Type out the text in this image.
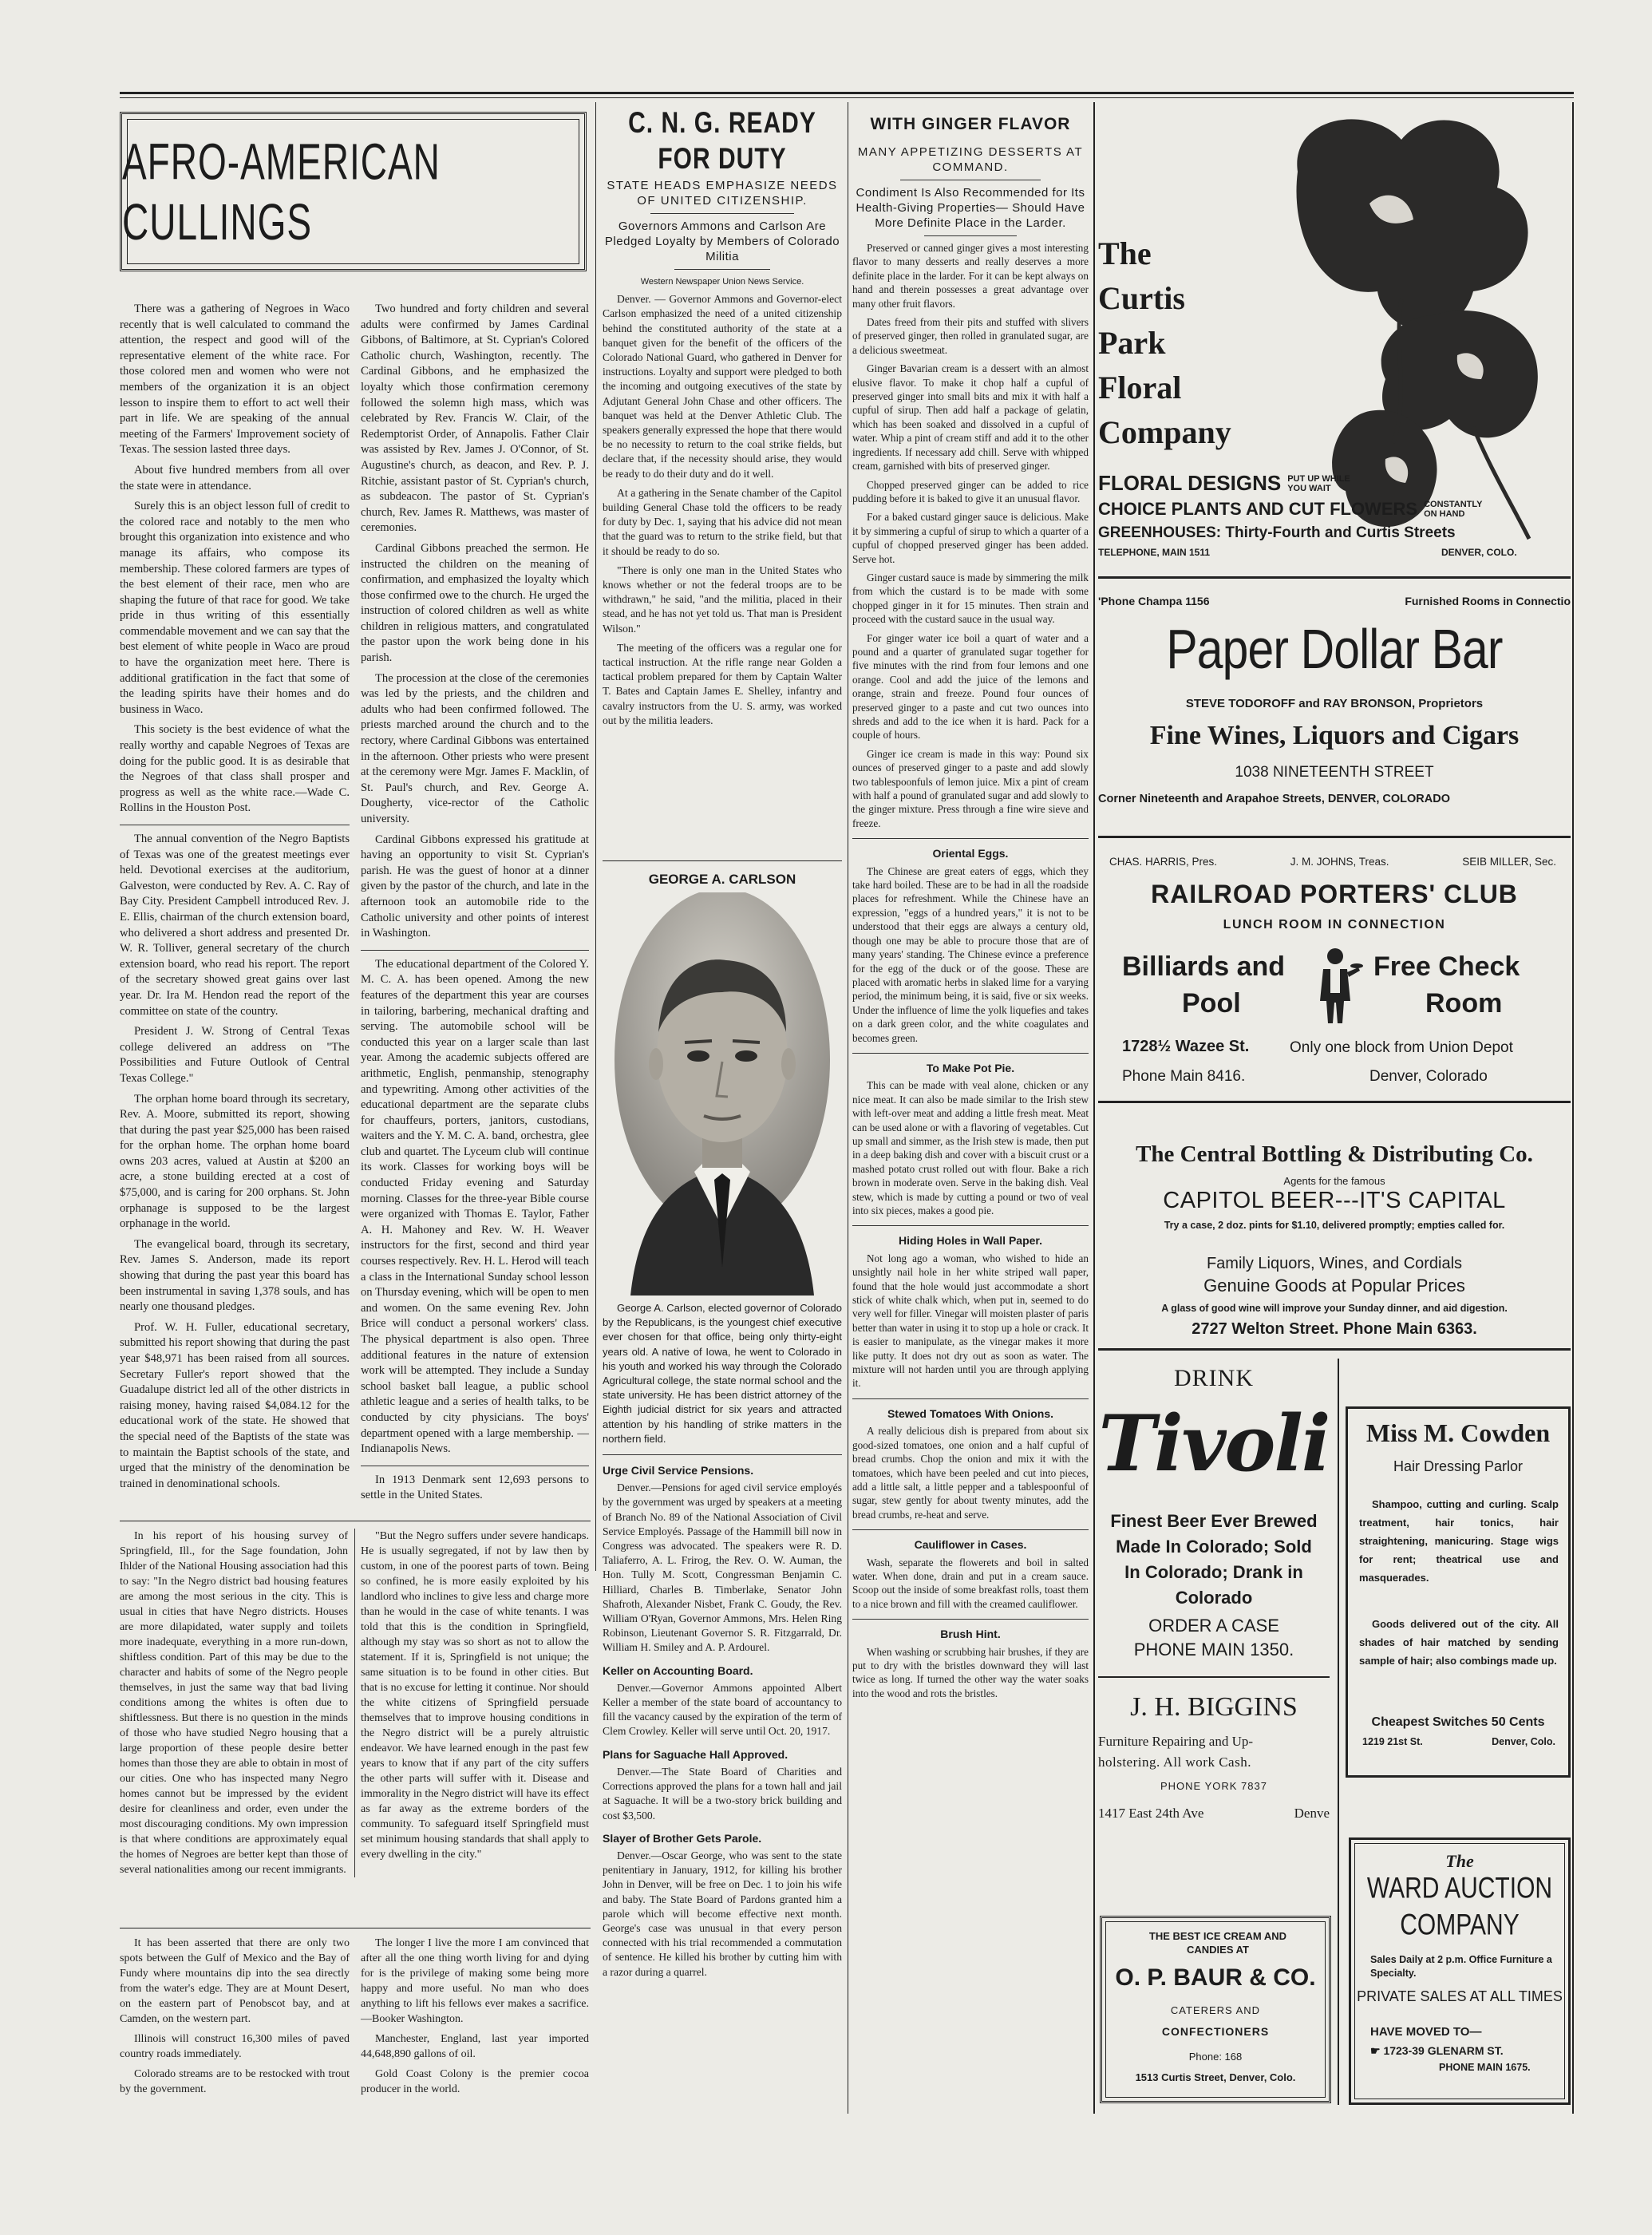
AFRO-AMERICAN CULLINGS

There was a gathering of Negroes in Waco recently that is well calculated to command the attention, the respect and good will of the representative element of the white race. For those colored men and women who were not members of the organization it is an object lesson to inspire them to effort to act well their part in life. We are speaking of the annual meeting of the Farmers' Improvement society of Texas. The session lasted three days.

About five hundred members from all over the state were in attendance.

Surely this is an object lesson full of credit to the colored race and notably to the men who brought this organization into existence and who manage its affairs, who compose its membership. These colored farmers are types of the best element of their race, men who are shaping the future of that race for good. We take pride in thus writing of this essentially commendable movement and we can say that the best element of white people in Waco are proud to have the organization meet here. There is additional gratification in the fact that some of the leading spirits have their homes and do business in Waco.

This society is the best evidence of what the really worthy and capable Negroes of Texas are doing for the public good. It is as desirable that the Negroes of that class shall prosper and progress as well as the white race.—Wade C. Rollins in the Houston Post.

The annual convention of the Negro Baptists of Texas was one of the greatest meetings ever held. Devotional exercises at the auditorium, Galveston, were conducted by Rev. A. C. Ray of Bay City. President Campbell introduced Rev. J. E. Ellis, chairman of the church extension board, who delivered a short address and presented Dr. W. R. Tolliver, general secretary of the church extension board, who read his report. The report of the secretary showed great gains over last year. Dr. Ira M. Hendon read the report of the committee on state of the country.

President J. W. Strong of Central Texas college delivered an address on "The Possibilities and Future Outlook of Central Texas College."

The orphan home board through its secretary, Rev. A. Moore, submitted its report, showing that during the past year $25,000 has been raised for the orphan home. The orphan home board owns 203 acres, valued at Austin at $200 an acre, a stone building erected at a cost of $75,000, and is caring for 200 orphans. St. John orphanage is supposed to be the largest orphanage in the world.

The evangelical board, through its secretary, Rev. James S. Anderson, made its report showing that during the past year this board has been instrumental in saving 1,378 souls, and has nearly one thousand pledges.

Prof. W. H. Fuller, educational secretary, submitted his report showing that during the past year $48,971 has been raised from all sources. Secretary Fuller's report showed that the Guadalupe district led all of the other districts in raising money, having raised $4,084.12 for the educational work of the state. He showed that the special need of the Baptists of the state was to maintain the Baptist schools of the state, and urged that the ministry of the denomination be trained in denominational schools.

Two hundred and forty children and several adults were confirmed by James Cardinal Gibbons, of Baltimore, at St. Cyprian's Colored Catholic church, Washington, recently. The Cardinal Gibbons, and he emphasized the loyalty which those confirmation ceremony followed the solemn high mass, which was celebrated by Rev. Francis W. Clair, of the Redemptorist Order, of Annapolis. Father Clair was assisted by Rev. James J. O'Connor, of St. Augustine's church, as deacon, and Rev. P. J. Ritchie, assistant pastor of St. Cyprian's church, as subdeacon. The pastor of St. Cyprian's church, Rev. James R. Matthews, was master of ceremonies.

Cardinal Gibbons preached the sermon. He instructed the children on the meaning of confirmation, and emphasized the loyalty which those confirmed owe to the church. He urged the instruction of colored children as well as white children in religious matters, and congratulated the pastor upon the work being done in his parish.

The procession at the close of the ceremonies was led by the priests, and the children and adults who had been confirmed followed. The priests marched around the church and to the rectory, where Cardinal Gibbons was entertained in the afternoon. Other priests who were present at the ceremony were Mgr. James F. Macklin, of St. Paul's church, and Rev. George A. Dougherty, vice-rector of the Catholic university.

Cardinal Gibbons expressed his gratitude at having an opportunity to visit St. Cyprian's parish. He was the guest of honor at a dinner given by the pastor of the church, and late in the afternoon took an automobile ride to the Catholic university and other points of interest in Washington.

The educational department of the Colored Y. M. C. A. has been opened. Among the new features of the department this year are courses in tailoring, barbering, mechanical drafting and serving. The automobile school will be conducted this year on a larger scale than last year. Among the academic subjects offered are arithmetic, English, penmanship, stenography and typewriting. Among other activities of the educational department are the separate clubs for chauffeurs, porters, janitors, custodians, waiters and the Y. M. C. A. band, orchestra, glee club and quartet. The Lyceum club will continue its work. Classes for working boys will be conducted Friday evening and Saturday morning. Classes for the three-year Bible course were organized with Thomas E. Taylor, Father A. H. Mahoney and Rev. W. H. Weaver instructors for the first, second and third year courses respectively. Rev. H. L. Herod will teach a class in the International Sunday school lesson on Thursday evening, which will be open to men and women. On the same evening Rev. John Brice will conduct a personal workers' class. The physical department is also open. Three additional features in the nature of extension work will be attempted. They include a Sunday school basket ball league, a public school athletic league and a series of health talks, to be conducted by city physicians. The boys' department opened with a large membership. — Indianapolis News.

In 1913 Denmark sent 12,693 persons to settle in the United States.

In his report of his housing survey of Springfield, Ill., for the Sage foundation, John Ihlder of the National Housing association had this to say: "In the Negro district bad housing features are among the most serious in the city. This is usual in cities that have Negro districts. Houses are more dilapidated, water supply and toilets more inadequate, everything in a more run-down, shiftless condition. Part of this may be due to the character and habits of some of the Negro people themselves, in just the same way that bad living conditions among the whites is often due to shiftlessness. But there is no question in the minds of those who have studied Negro housing that a large proportion of these people desire better homes than those they are able to obtain in most of our cities. One who has inspected many Negro homes cannot but be impressed by the evident desire for cleanliness and order, even under the most discouraging conditions. My own impression is that where conditions are approximately equal the homes of Negroes are better kept than those of several nationalities among our recent immigrants.

"But the Negro suffers under severe handicaps. He is usually segregated, if not by law then by custom, in one of the poorest parts of town. Being so confined, he is more easily exploited by his landlord who inclines to give less and charge more than he would in the case of white tenants. I was told that this is the condition in Springfield, although my stay was so short as not to allow the statement. If it is, Springfield is not unique; the same situation is to be found in other cities. But that is no excuse for letting it continue. Nor should the white citizens of Springfield persuade themselves that to improve housing conditions in the Negro district will be a purely altruistic endeavor. We have learned enough in the past few years to know that if any part of the city suffers the other parts will suffer with it. Disease and immorality in the Negro district will have its effect as far away as the extreme borders of the community. To safeguard itself Springfield must set minimum housing standards that shall apply to every dwelling in the city."

It has been asserted that there are only two spots between the Gulf of Mexico and the Bay of Fundy where mountains dip into the sea directly from the water's edge. They are at Mount Desert, on the eastern part of Penobscot bay, and at Camden, on the western part.

Illinois will construct 16,300 miles of paved country roads immediately.

Colorado streams are to be restocked with trout by the government.

The longer I live the more I am convinced that after all the one thing worth living for and dying for is the privilege of making some being more happy and more useful. No man who does anything to lift his fellows ever makes a sacrifice.—Booker Washington.

Manchester, England, last year imported 44,648,890 gallons of oil.

Gold Coast Colony is the premier cocoa producer in the world.

C. N. G. READY FOR DUTY
STATE HEADS EMPHASIZE NEEDS OF UNITED CITIZENSHIP.
Governors Ammons and Carlson Are Pledged Loyalty by Members of Colorado Militia
Western Newspaper Union News Service.

Denver. — Governor Ammons and Governor-elect Carlson emphasized the need of a united citizenship behind the constituted authority of the state at a banquet given for the benefit of the officers of the Colorado National Guard, who gathered in Denver for instructions. Loyalty and support were pledged to both the incoming and outgoing executives of the state by Adjutant General John Chase and other officers. The banquet was held at the Denver Athletic Club. The speakers generally expressed the hope that there would be no necessity to return to the coal strike fields, but declare that, if the necessity should arise, they would be ready to do their duty and do it well.

At a gathering in the Senate chamber of the Capitol building General Chase told the officers to be ready for duty by Dec. 1, saying that his advice did not mean that the guard was to return to the strike field, but that it should be ready to do so.

"There is only one man in the United States who knows whether or not the federal troops are to be withdrawn," he said, "and the militia, placed in their stead, and he has not yet told us. That man is President Wilson."

The meeting of the officers was a regular one for tactical instruction. At the rifle range near Golden a tactical problem prepared for them by Captain Walter T. Bates and Captain James E. Shelley, infantry and cavalry instructors from the U. S. army, was worked out by the militia leaders.

GEORGE A. CARLSON

George A. Carlson, elected governor of Colorado by the Republicans, is the youngest chief executive ever chosen for that office, being only thirty-eight years old. A native of Iowa, he went to Colorado in his youth and worked his way through the Colorado Agricultural college, the state normal school and the state university. He has been district attorney of the Eighth judicial district for six years and attracted attention by his handling of strike matters in the northern field.

Urge Civil Service Pensions.

Denver.—Pensions for aged civil service employés by the government was urged by speakers at a meeting of Branch No. 89 of the National Association of Civil Service Employés. Passage of the Hammill bill now in Congress was advocated. The speakers were R. D. Taliaferro, A. L. Frirog, the Rev. O. W. Auman, the Hon. Tully M. Scott, Congressman Benjamin C. Hilliard, Charles B. Timberlake, Senator John Shafroth, Alexander Nisbet, Frank C. Goudy, the Rev. William O'Ryan, Governor Ammons, Mrs. Helen Ring Robinson, Lieutenant Governor S. R. Fitzgarrald, Dr. William H. Smiley and A. P. Ardourel.

Keller on Accounting Board.

Denver.—Governor Ammons appointed Albert Keller a member of the state board of accountancy to fill the vacancy caused by the expiration of the term of Clem Crowley. Keller will serve until Oct. 20, 1917.

Plans for Saguache Hall Approved.

Denver.—The State Board of Charities and Corrections approved the plans for a town hall and jail at Saguache. It will be a two-story brick building and cost $3,500.

Slayer of Brother Gets Parole.

Denver.—Oscar George, who was sent to the state penitentiary in January, 1912, for killing his brother John in Denver, will be free on Dec. 1 to join his wife and baby. The State Board of Pardons granted him a parole which will become effective next month. George's case was unusual in that every person connected with his trial recommended a commutation of sentence. He killed his brother by cutting him with a razor during a quarrel.

WITH GINGER FLAVOR
MANY APPETIZING DESSERTS AT COMMAND.
Condiment Is Also Recommended for Its Health-Giving Properties— Should Have More Definite Place in the Larder.

Preserved or canned ginger gives a most interesting flavor to many desserts and really deserves a more definite place in the larder. For it can be kept always on hand and therein possesses a great advantage over many other fruit flavors.

Dates freed from their pits and stuffed with slivers of preserved ginger, then rolled in granulated sugar, are a delicious sweetmeat.

Ginger Bavarian cream is a dessert with an almost elusive flavor. To make it chop half a cupful of preserved ginger into small bits and mix it with half a cupful of sirup. Then add half a package of gelatin, which has been soaked and dissolved in a cupful of water. Whip a pint of cream stiff and add it to the other ingredients. If necessary add chill. Serve with whipped cream, garnished with bits of preserved ginger.

Chopped preserved ginger can be added to rice pudding before it is baked to give it an unusual flavor.

For a baked custard ginger sauce is delicious. Make it by simmering a cupful of sirup to which a quarter of a cupful of chopped preserved ginger has been added. Serve hot.

Ginger custard sauce is made by simmering the milk from which the custard is to be made with some chopped ginger in it for 15 minutes. Then strain and proceed with the custard sauce in the usual way.

For ginger water ice boil a quart of water and a pound and a quarter of granulated sugar together for five minutes with the rind from four lemons and one orange. Cool and add the juice of the lemons and orange, strain and freeze. Pound four ounces of preserved ginger to a paste and cut two ounces into shreds and add to the ice when it is hard. Pack for a couple of hours.

Ginger ice cream is made in this way: Pound six ounces of preserved ginger to a paste and add slowly two tablespoonfuls of lemon juice. Mix a pint of cream with half a pound of granulated sugar and add slowly to the ginger mixture. Press through a fine wire sieve and freeze.

Oriental Eggs.

The Chinese are great eaters of eggs, which they take hard boiled. These are to be had in all the roadside places for refreshment. While the Chinese have an expression, "eggs of a hundred years," it is not to be understood that their eggs are always a century old, though one may be able to procure those that are of many years' standing. The Chinese evince a preference for the egg of the duck or of the goose. These are placed with aromatic herbs in slaked lime for a varying period, the minimum being, it is said, five or six weeks. Under the influence of lime the yolk liquefies and takes on a dark green color, and the white coagulates and becomes green.

To Make Pot Pie.

This can be made with veal alone, chicken or any nice meat. It can also be made similar to the Irish stew with left-over meat and adding a little fresh meat. Meat can be used alone or with a flavoring of vegetables. Cut up small and simmer, as the Irish stew is made, then put in a deep baking dish and cover with a biscuit crust or a mashed potato crust rolled out with flour. Bake a rich brown in moderate oven. Serve in the baking dish. Veal stew, which is made by cutting a pound or two of veal into six pieces, makes a good pie.

Hiding Holes in Wall Paper.

Not long ago a woman, who wished to hide an unsightly nail hole in her white striped wall paper, found that the hole would just accommodate a short stick of white chalk which, when put in, seemed to do very well for filler. Vinegar will moisten plaster of paris better than water in using it to stop up a hole or crack. It is easier to manipulate, as the vinegar makes it more like putty. It does not dry out as soon as water. The mixture will not harden until you are through applying it.

Stewed Tomatoes With Onions.

A really delicious dish is prepared from about six good-sized tomatoes, one onion and a half cupful of bread crumbs. Chop the onion and mix it with the tomatoes, which have been peeled and cut into pieces, add a little salt, a little pepper and a tablespoonful of sugar, stew gently for about twenty minutes, add the bread crumbs, re-heat and serve.

Cauliflower in Cases.

Wash, separate the flowerets and boil in salted water. When done, drain and put in a cream sauce. Scoop out the inside of some breakfast rolls, toast them to a nice brown and fill with the creamed cauliflower.

Brush Hint.

When washing or scrubbing hair brushes, if they are put to dry with the bristles downward they will last twice as long. If turned the other way the water soaks into the wood and rots the bristles.

The
Curtis
Park
Floral
Company
FLORAL DESIGNS PUT UP WHILE
YOU WAIT
CHOICE PLANTS AND CUT FLOWERS CONSTANTLY
ON HAND
GREENHOUSES: Thirty-Fourth and Curtis Streets
TELEPHONE, MAIN 1511	DENVER, COLO.
'Phone Champa 1156	Furnished Rooms in Connectio
Paper Dollar Bar
STEVE TODOROFF and RAY BRONSON, Proprietors
Fine Wines, Liquors and Cigars
1038 NINETEENTH STREET
Corner Nineteenth and Arapahoe Streets, DENVER, COLORADO
CHAS. HARRIS, Pres.	J. M. JOHNS, Treas.	SEIB MILLER, Sec.
RAILROAD PORTERS' CLUB
LUNCH ROOM IN CONNECTION
Billiards and
Pool
Free Check
Room
1728½ Wazee St.	Only one block from Union Depot
Phone Main 8416.	Denver, Colorado
The Central Bottling & Distributing Co.
Agents for the famous
CAPITOL BEER---IT'S CAPITAL
Try a case, 2 doz. pints for $1.10, delivered promptly; empties called for.
Family Liquors, Wines, and Cordials
Genuine Goods at Popular Prices
A glass of good wine will improve your Sunday dinner, and aid digestion.
2727 Welton Street. Phone Main 6363.
DRINK
Tivoli
Finest Beer Ever Brewed
Made In Colorado; Sold
In Colorado; Drank in
Colorado
ORDER A CASE
PHONE MAIN 1350.
J. H. BIGGINS
Furniture Repairing and Up-
holstering. All work Cash.
PHONE YORK 7837
1417 East 24th Ave	Denve
THE BEST ICE CREAM AND CANDIES AT
O. P. BAUR & CO.
CATERERS AND
CONFECTIONERS
Phone: 168
1513 Curtis Street, Denver, Colo.
Miss M. Cowden
Hair Dressing Parlor
Shampoo, cutting and curling. Scalp treatment, hair tonics, hair straightening, manicuring. Stage wigs for rent; theatrical use and masquerades.
Goods delivered out of the city. All shades of hair matched by sending sample of hair; also combings made up.
Cheapest Switches 50 Cents
1219 21st St.	Denver, Colo.
The
WARD AUCTION
COMPANY
Sales Daily at 2 p.m. Office Furniture a Specialty.
PRIVATE SALES AT ALL TIMES
HAVE MOVED TO—
☛ 1723-39 GLENARM ST.
PHONE MAIN 1675.
